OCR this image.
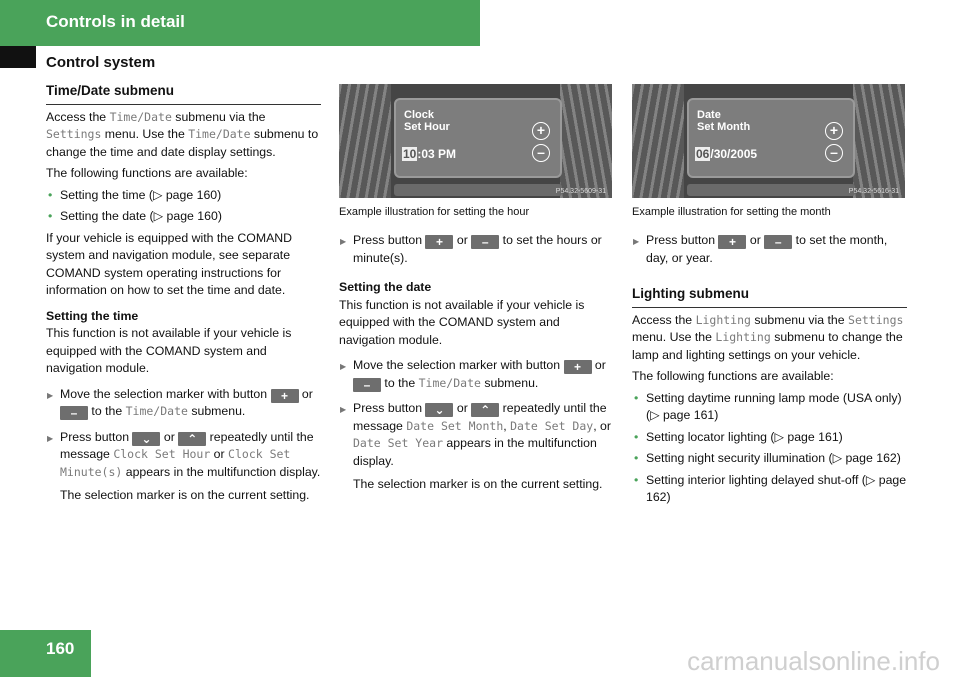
Controls in detail
Control system

Time/Date submenu

Access the Time/Date submenu via the Settings menu. Use the Time/Date submenu to change the time and date display settings.

The following functions are available:

• Setting the time (▷ page 160)

• Setting the date (▷ page 160)

If your vehicle is equipped with the COMAND system and navigation module, see separate COMAND system operating instructions for information on how to set the time and date.

Setting the time

This function is not available if your vehicle is equipped with the COMAND system and navigation module.

▶ Move the selection marker with button + or – to the Time/Date submenu.

▶ Press button ⌄ or ⌃ repeatedly until the message Clock Set Hour or Clock Set Minute(s) appears in the multifunction display.

The selection marker is on the current setting.

Clock
Set Hour
10:03 PM
+
–
P54.32-5609-31
Example illustration for setting the hour

▶ Press button + or – to set the hours or minute(s).

Setting the date

This function is not available if your vehicle is equipped with the COMAND system and navigation module.

▶ Move the selection marker with button + or – to the Time/Date submenu.

▶ Press button ⌄ or ⌃ repeatedly until the message Date Set Month, Date Set Day, or Date Set Year appears in the multifunction display.

The selection marker is on the current setting.

Date
Set Month
06/30/2005
+
–
P54.32-5616-31
Example illustration for setting the month

▶ Press button + or – to set the month, day, or year.

Lighting submenu

Access the Lighting submenu via the Settings menu. Use the Lighting submenu to change the lamp and lighting settings on your vehicle.

The following functions are available:

• Setting daytime running lamp mode (USA only) (▷ page 161)

• Setting locator lighting (▷ page 161)

• Setting night security illumination (▷ page 162)

• Setting interior lighting delayed shut-off (▷ page 162)

160	carmanualsonline.info
